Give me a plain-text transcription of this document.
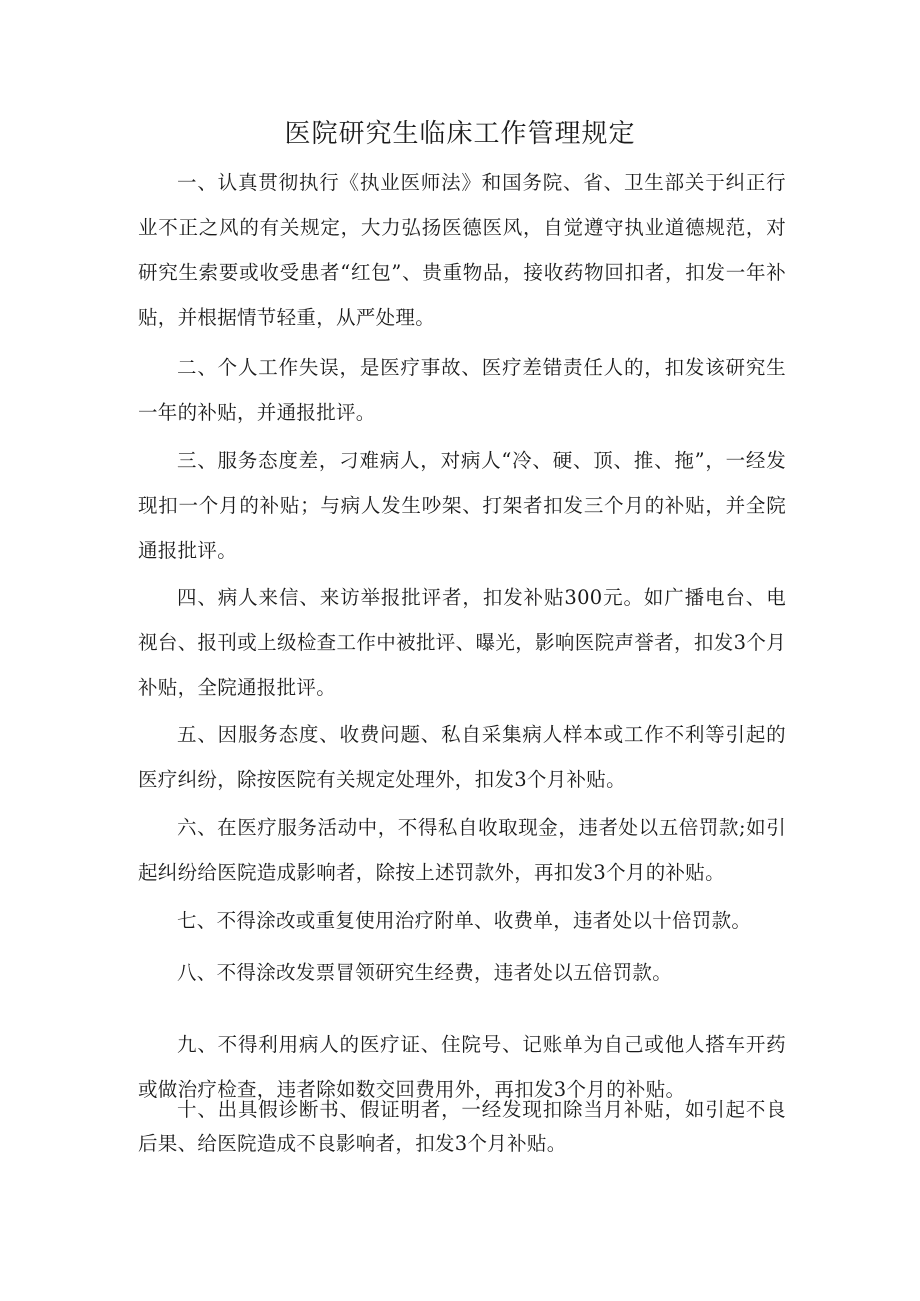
医院研究生临床工作管理规定

一、认真贯彻执行《执业医师法》和国务院、省、卫生部关于纠正行业不正之风的有关规定，大力弘扬医德医风，自觉遵守执业道德规范，对研究生索要或收受患者“红包”、贵重物品，接收药物回扣者，扣发一年补贴，并根据情节轻重，从严处理。

二、个人工作失误，是医疗事故、医疗差错责任人的，扣发该研究生一年的补贴，并通报批评。

三、服务态度差，刁难病人，对病人“冷、硬、顶、推、拖”，一经发现扣一个月的补贴；与病人发生吵架、打架者扣发三个月的补贴，并全院通报批评。

四、病人来信、来访举报批评者，扣发补贴300元。如广播电台、电视台、报刊或上级检查工作中被批评、曝光，影响医院声誉者，扣发3个月补贴，全院通报批评。

五、因服务态度、收费问题、私自采集病人样本或工作不利等引起的医疗纠纷，除按医院有关规定处理外，扣发3个月补贴。

六、在医疗服务活动中，不得私自收取现金，违者处以五倍罚款;如引起纠纷给医院造成影响者，除按上述罚款外，再扣发3个月的补贴。

七、不得涂改或重复使用治疗附单、收费单，违者处以十倍罚款。

八、不得涂改发票冒领研究生经费，违者处以五倍罚款。

九、不得利用病人的医疗证、住院号、记账单为自己或他人搭车开药或做治疗检查，违者除如数交回费用外，再扣发3个月的补贴。

十、出具假诊断书、假证明者，一经发现扣除当月补贴，如引起不良后果、给医院造成不良影响者，扣发3个月补贴。
